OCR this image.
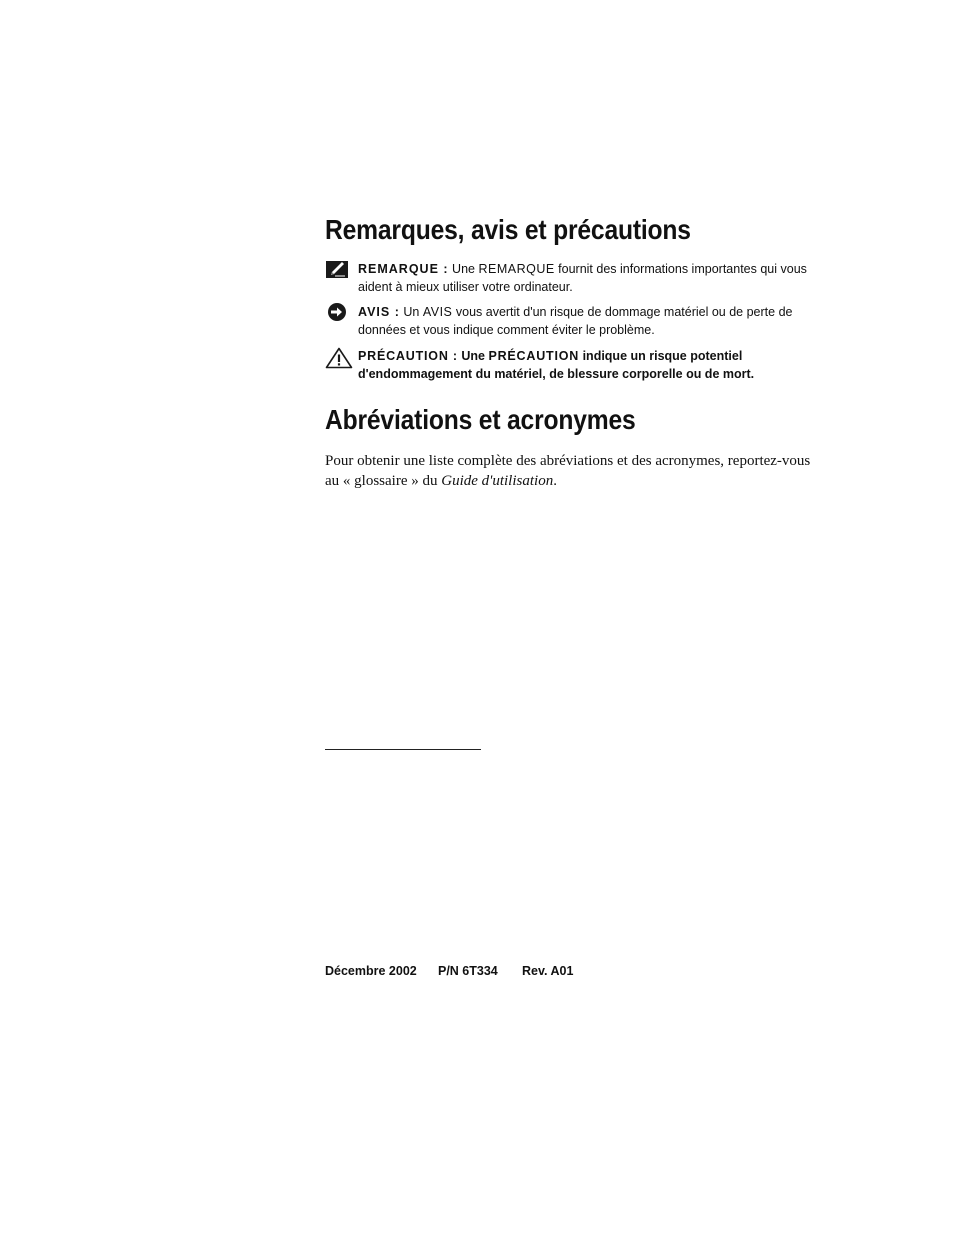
Remarques, avis et précautions
REMARQUE : Une REMARQUE fournit des informations importantes qui vous aident à mieux utiliser votre ordinateur.
AVIS : Un AVIS vous avertit d'un risque de dommage matériel ou de perte de données et vous indique comment éviter le problème.
PRÉCAUTION : Une PRÉCAUTION indique un risque potentiel d'endommagement du matériel, de blessure corporelle ou de mort.
Abréviations et acronymes

Pour obtenir une liste complète des abréviations et des acronymes, reportez-vous au « glossaire » du Guide d'utilisation.

Décembre 2002 P/N 6T334 Rev. A01
